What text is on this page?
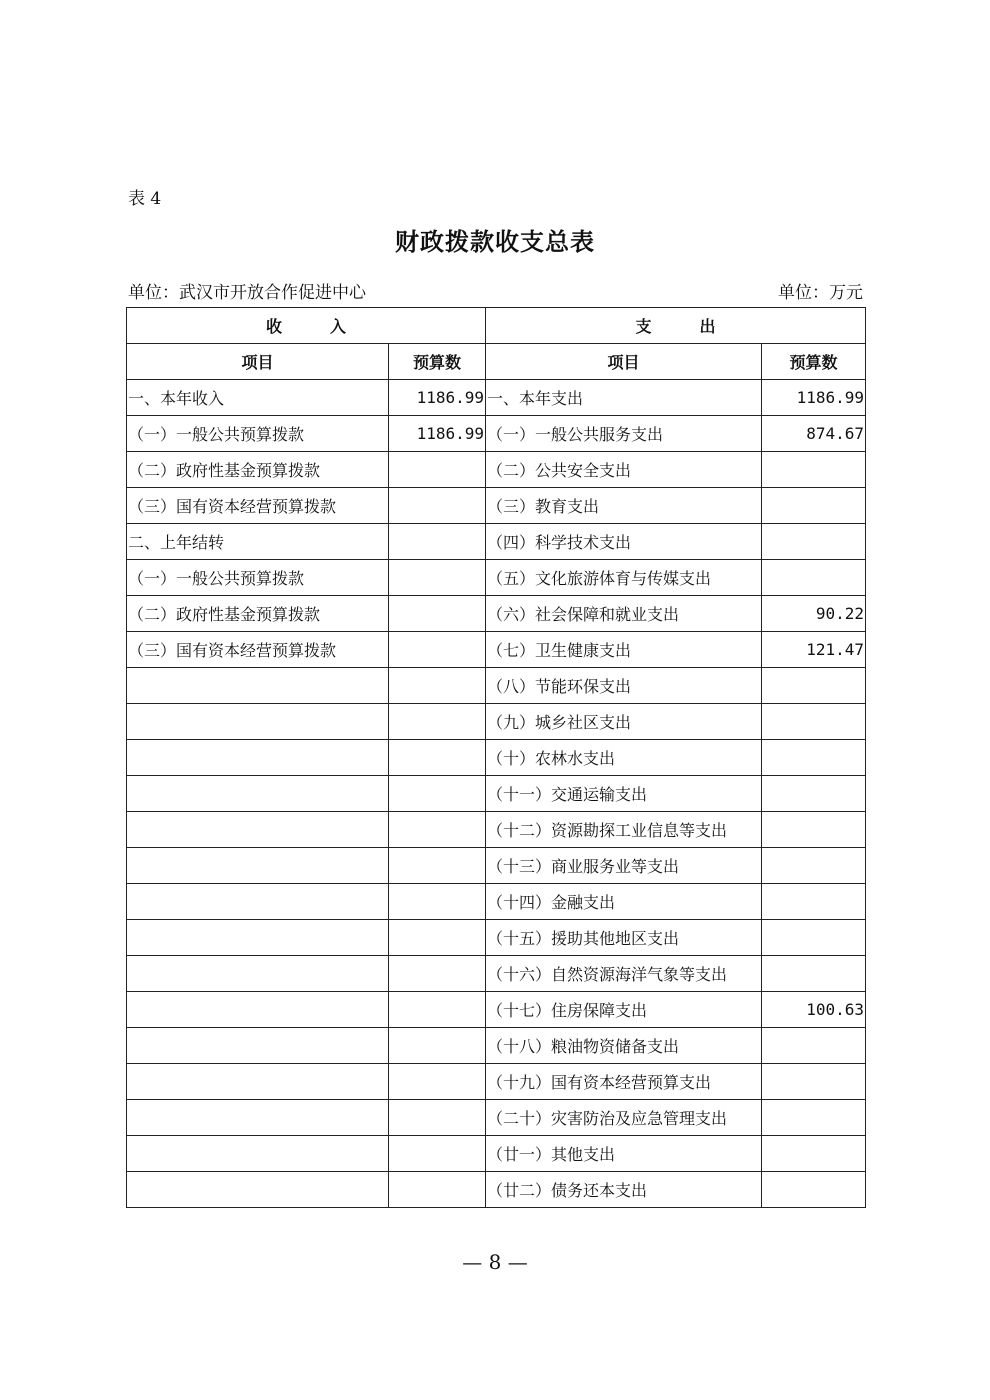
表 4
财政拨款收支总表
单位：武汉市开放合作促进中心	单位：万元
收　　　入		支　　　出	
项目	预算数	项目	预算数
一、本年收入	1186.99	一、本年支出	1186.99
（一）一般公共预算拨款	1186.99	（一）一般公共服务支出	874.67
（二）政府性基金预算拨款		（二）公共安全支出	
（三）国有资本经营预算拨款		（三）教育支出	
二、上年结转		（四）科学技术支出	
（一）一般公共预算拨款		（五）文化旅游体育与传媒支出	
（二）政府性基金预算拨款		（六）社会保障和就业支出	90.22
（三）国有资本经营预算拨款		（七）卫生健康支出	121.47
		（八）节能环保支出	
		（九）城乡社区支出	
		（十）农林水支出	
		（十一）交通运输支出	
		（十二）资源勘探工业信息等支出	
		（十三）商业服务业等支出	
		（十四）金融支出	
		（十五）援助其他地区支出	
		（十六）自然资源海洋气象等支出	
		（十七）住房保障支出	100.63
		（十八）粮油物资储备支出	
		（十九）国有资本经营预算支出	
		（二十）灾害防治及应急管理支出	
		（廿一）其他支出	
		（廿二）债务还本支出	
— 8 —
